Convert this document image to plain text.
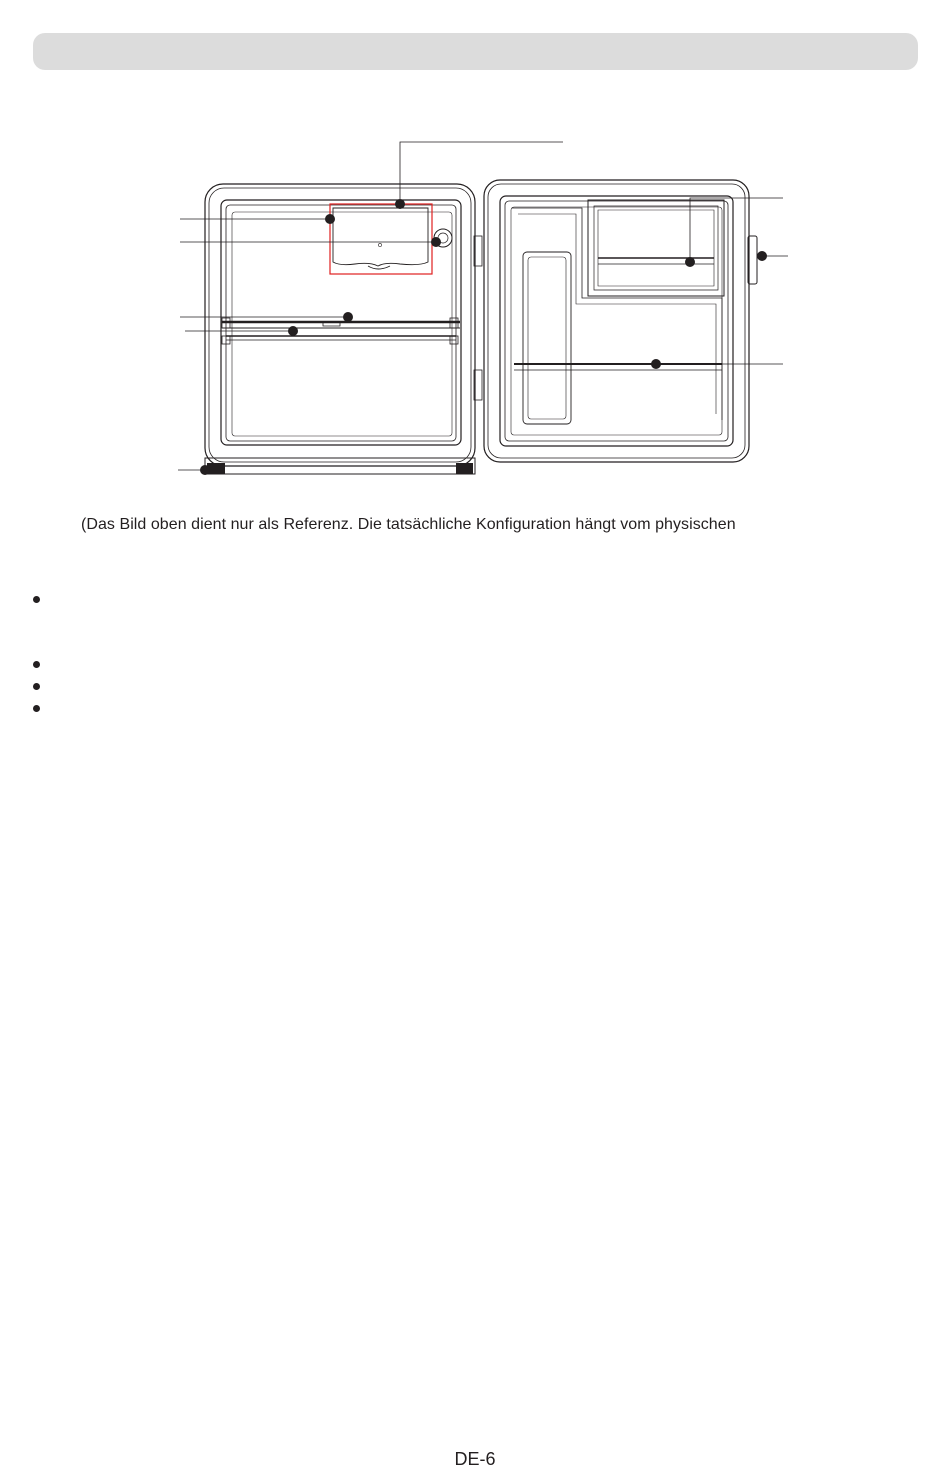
(Das Bild oben dient nur als Referenz. Die tatsächliche Konfiguration hängt vom physischen
DE-6
